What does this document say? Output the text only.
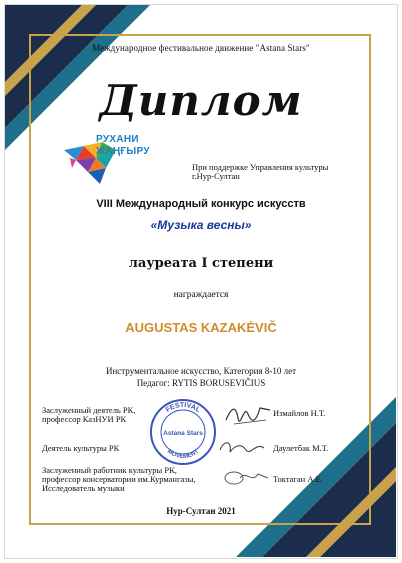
Международное фестивальное движение "Astana Stars"
Диплом
РУХАНИ
ЖАҢҒЫРУ
При поддержке Управления культуры
г.Нур-Султан
VIII Международный конкурс искусств
«Музыка весны»
лауреата I степени
награждается
AUGUSTAS KAZAKĖVIČ
Инструментальное искусство, Категория 8-10 лет
Педагог: RYTIS BORUSEVIČIUS
FESTIVAL
MOVEMENT
Astana Stars
Заслуженный деятель РК,
профессор КазНУИ РК
Измайлов Н.Т.
Деятель культуры РК	Даулетбак М.Т.
Заслуженный работник культуры РК,
профессор консерватории им.Курмангазы,
Исследователь музыки
Токтаган А.Е.
Нур-Султан 2021
